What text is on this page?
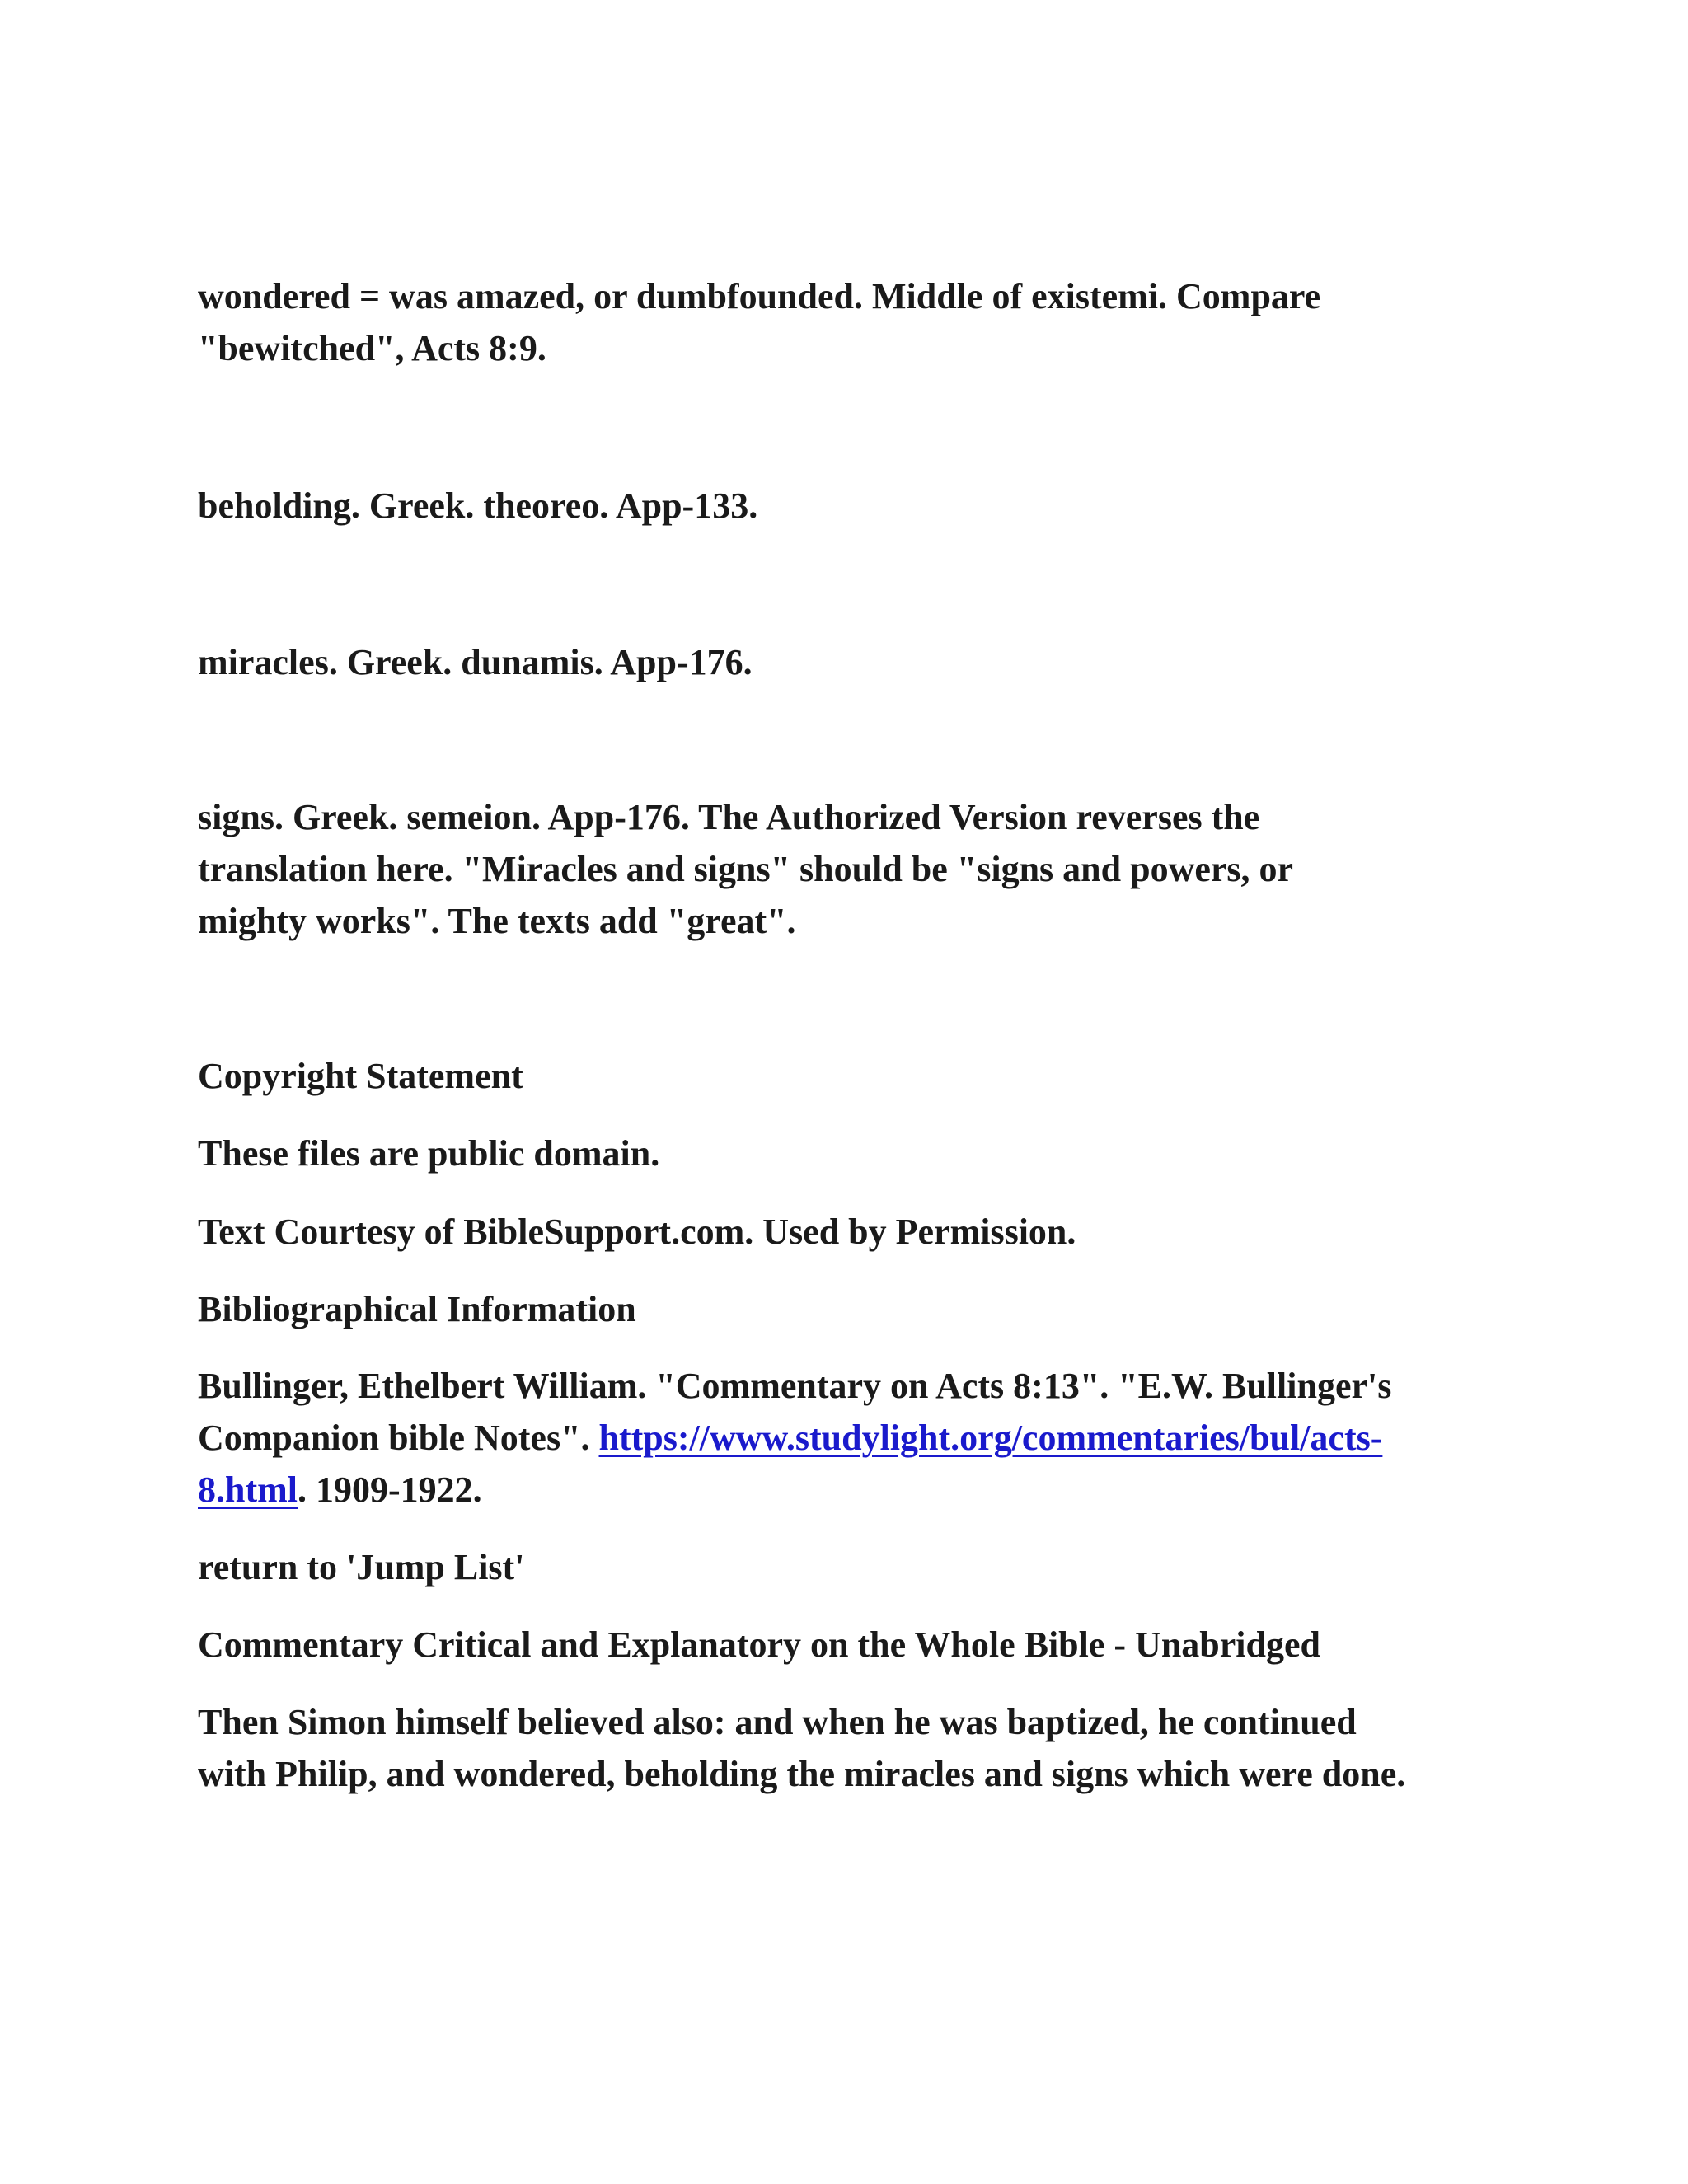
wondered = was amazed, or dumbfounded. Middle of existemi. Compare
"bewitched", Acts 8:9.
beholding. Greek. theoreo. App-133.
miracles. Greek. dunamis. App-176.
signs. Greek. semeion. App-176. The Authorized Version reverses the
translation here. "Miracles and signs" should be "signs and powers, or
mighty works". The texts add "great".
Copyright Statement
These files are public domain.
Text Courtesy of BibleSupport.com. Used by Permission.
Bibliographical Information
Bullinger, Ethelbert William. "Commentary on Acts 8:13". "E.W. Bullinger's
Companion bible Notes". https://www.studylight.org/commentaries/bul/acts-
8.html. 1909-1922.
return to 'Jump List'
Commentary Critical and Explanatory on the Whole Bible - Unabridged
Then Simon himself believed also: and when he was baptized, he continued
with Philip, and wondered, beholding the miracles and signs which were done.
